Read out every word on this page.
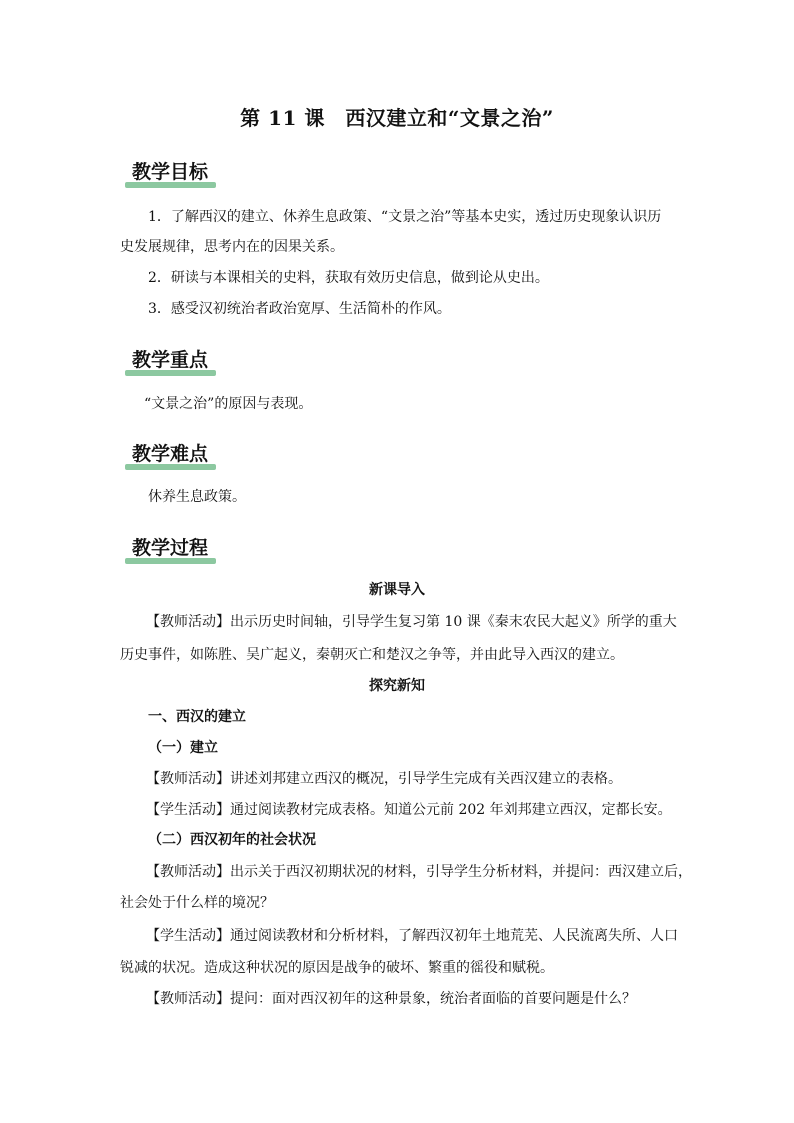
第 11 课　西汉建立和“文景之治”
教学目标
1．了解西汉的建立、休养生息政策、“文景之治”等基本史实，透过历史现象认识历
史发展规律，思考内在的因果关系。
2．研读与本课相关的史料，获取有效历史信息，做到论从史出。
3．感受汉初统治者政治宽厚、生活简朴的作风。
教学重点
“文景之治”的原因与表现。
教学难点
休养生息政策。
教学过程
新课导入
【教师活动】出示历史时间轴，引导学生复习第 10 课《秦末农民大起义》所学的重大
历史事件，如陈胜、吴广起义，秦朝灭亡和楚汉之争等，并由此导入西汉的建立。
探究新知
一、西汉的建立
（一）建立
【教师活动】讲述刘邦建立西汉的概况，引导学生完成有关西汉建立的表格。
【学生活动】通过阅读教材完成表格。知道公元前 202 年刘邦建立西汉，定都长安。
（二）西汉初年的社会状况
【教师活动】出示关于西汉初期状况的材料，引导学生分析材料，并提问：西汉建立后，
社会处于什么样的境况？
【学生活动】通过阅读教材和分析材料，了解西汉初年土地荒芜、人民流离失所、人口
锐减的状况。造成这种状况的原因是战争的破坏、繁重的徭役和赋税。
【教师活动】提问：面对西汉初年的这种景象，统治者面临的首要问题是什么？
